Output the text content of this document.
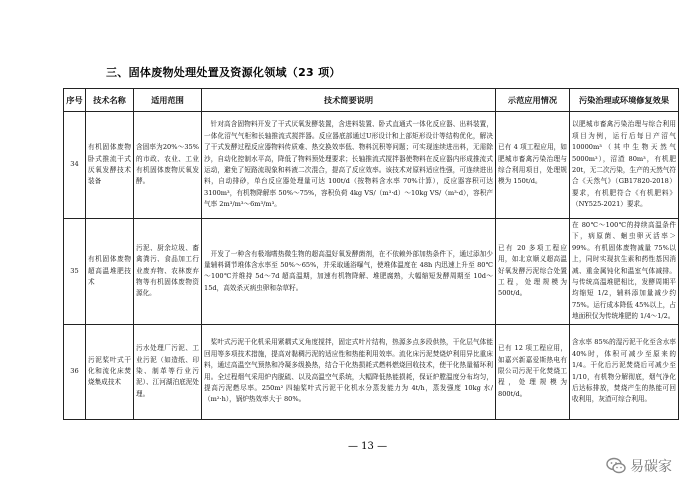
三、固体废物处理处置及资源化领域（23 项）
序号	技术名称	适用范围	技术简要说明	示范应用情况	污染治理或环境修复效果
34	有机固体废物卧式推流干式厌氧发酵技术装备	含固率为20%～35%的市政、农业、工业有机固体废物厌氧发酵。	针对高含固物料开发了干式厌氧发酵装置，含进料装置、卧式直通式一体化反应器、出料装置，一体化沼气气柜和长轴推流式搅拌器。反应器底部通过U形设计和上部矩形设计等结构优化，解决了干式发酵过程反应器物料传质难、热交换效率低、物料沉积等问题；可实现连续进出料，无需除沙，自动化控制水平高，降低了物料预处理要求；长轴推流式搅拌器使物料在反应器内形成推流式运动，避免了短路流现象和料液二次混合，提高了反应效率。该技术对原料适应性强，可连续进出料，自动排砂，单台反应器处理量可达 100t/d（按物料含水率 70%计算），反应器容积可达 3100m³，有机物降解率 50%～75%，容积负荷 4kg VS/（m³·d）～10kg VS/（m³·d），容积产气率 2m³/m³～6m³/m³。	已有 4 项工程应用，如肥城市畜禽污染治理与综合利用项目，处理规模为 150t/d。	以肥城市畜禽污染治理与综合利用项目为例，运行后每日产沼气 10000m³（其中生物天然气 5000m³），沼渣 80m³，有机肥 20t，无二次污染，生产的天然气符合《天然气》（GB17820-2018）要求，有机肥符合《有机肥料》（NY525-2021）要求。
35	有机固体废物超高温堆肥技术	污泥、厨余垃圾、畜禽粪污、食品加工行业废弃物、农林废弃物等有机固体废物资源化。	开发了一种含有极端嗜热微生物的超高温好氧发酵菌剂，在不依赖外部加热条件下，通过添加少量辅料调节堆体含水率至 50%～65%，并采取通浴曝气，使堆体温度在 48h 内迅速上升至 80℃～100℃并维持 5d～7d 超高温期，加速有机物降解、堆肥腐熟，大幅缩短发酵周期至 10d～15d，高效杀灭病虫卵和杂草籽。	已有 20 多项工程应用，如北京顺义超高温好氧发酵污泥综合处置工程，处理规模为 500t/d。	在 80℃～100℃的持续高温条件下，病原菌、蛔虫卵灭活率＞99%。有机固体废物减量 75%以上，同时实现抗生素和药性基因消减、重金属钝化和温室气体减排。与传统高温堆肥相比，发酵周期平均缩短 1/2，辅料添加量减少约 75%。运行成本降低 45%以上，占地面积仅为传统堆肥的 1/4～1/2。
36	污泥桨叶式干化和流化床焚烧集成技术	污水处理厂污泥、工业污泥（如造纸、印染、制革等行业污泥）、江河湖泊底泥处理。	桨叶式污泥干化机采用紧耦式叉角度搅拌，固定式叶片结构，热源多点多段供热，干化层气体能回用等多项技术措施，提高对黏稠污泥的适应性和热能利用效率。流化床污泥焚烧炉利用异比重床料，通过高温空气预热和冷凝多级换热，结合干化热损耗式燃料燃烧回收技术，使干化热量循环利用。全过程烟气采用炉内脱硫、以及高温空气系统，大幅降低热能损耗，保证炉膛温度分布均匀，提高污泥燃尽率。250m² 四轴桨叶式污泥干化机水分蒸发能力为 4t/h，蒸发强度 10kg 水/（m²·h），锅炉热效率大于 80%。	已有 12 项工程应用，如嘉兴新嘉爱斯热电有限公司污泥干化焚烧工程，处理规模为 800t/d。	含水率 85%的湿污泥干化至含水率 40%时，体积可减少至原来的 1/4。干化后污泥焚烧后可减少至 1/10，有机物分解彻底，烟气净化后达标排放，焚烧产生的热能可回收利用，灰渣可综合利用。
— 13 —
易碳家
